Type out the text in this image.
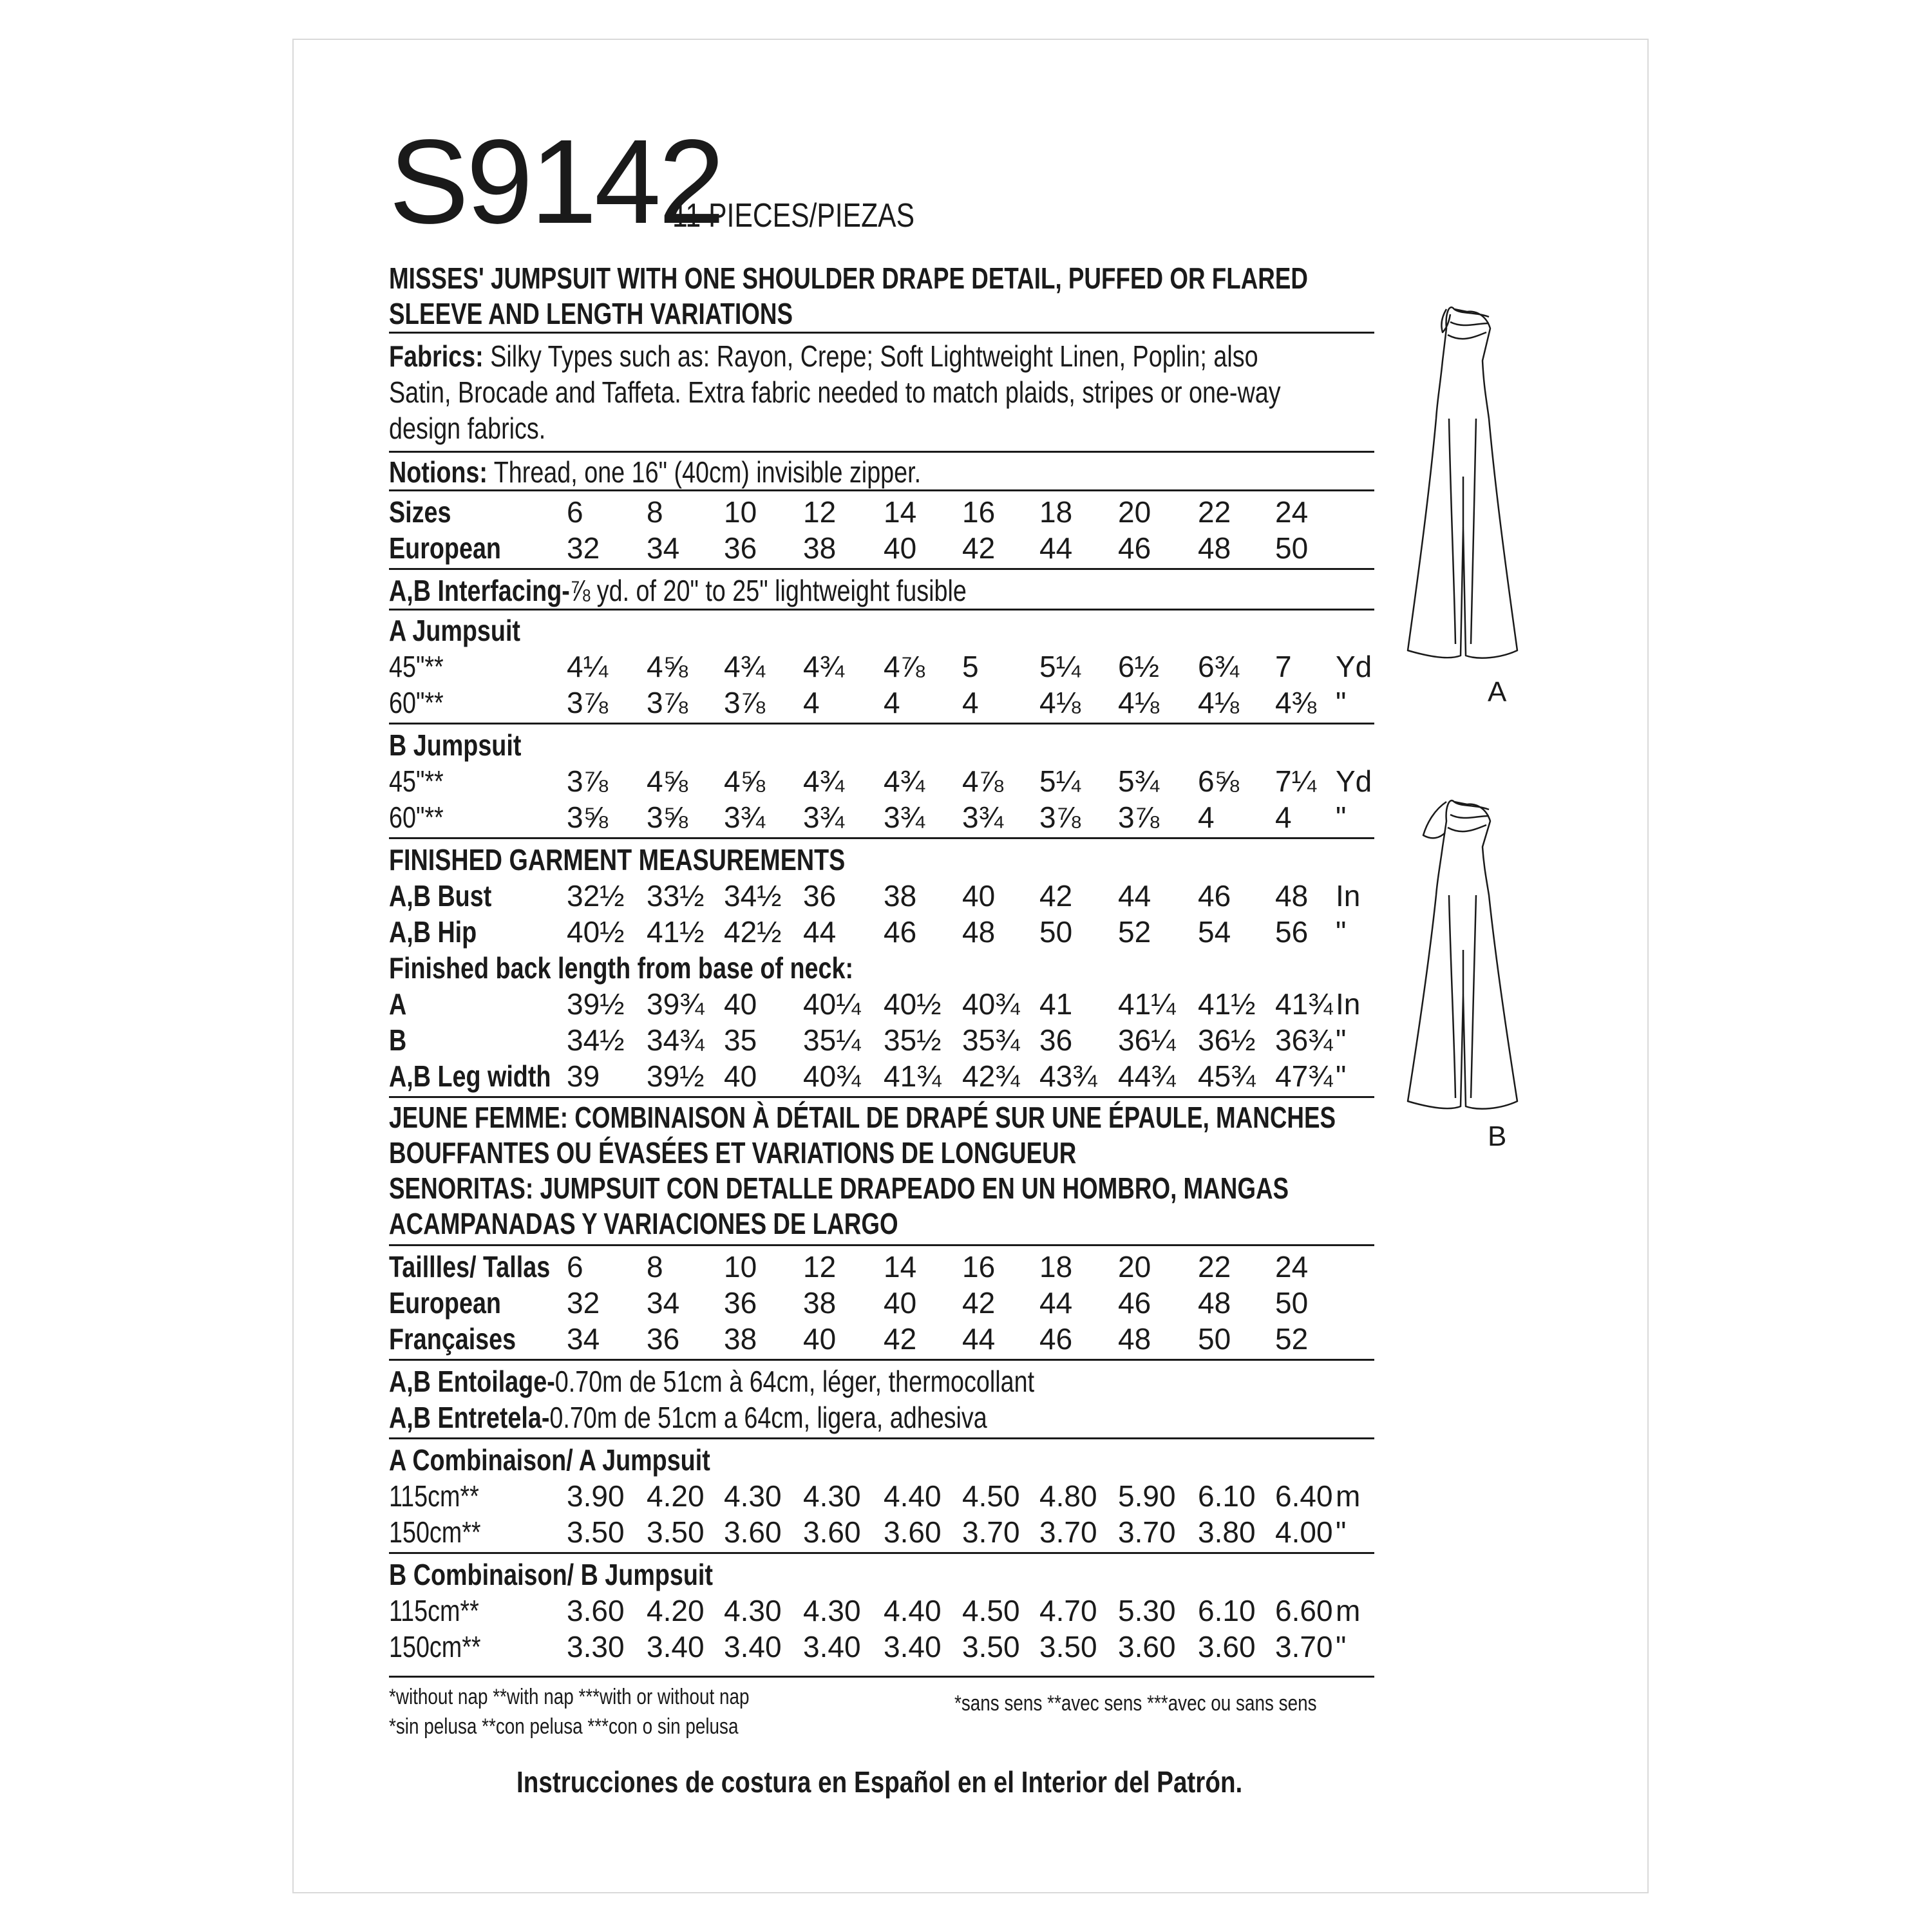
S9142
11 PIECES/PIEZAS
MISSES' JUMPSUIT WITH ONE SHOULDER DRAPE DETAIL, PUFFED OR FLARED
SLEEVE AND LENGTH VARIATIONS
Fabrics: Silky Types such as: Rayon, Crepe; Soft Lightweight Linen, Poplin; also
Satin, Brocade and Taffeta. Extra fabric needed to match plaids, stripes or one-way
design fabrics.
Notions: Thread, one 16" (40cm) invisible zipper.
Sizes	6 8 10 12 14 16 18 20 22 24
European 32 34 36 38 40 42 44 46 48 50
A,B Interfacing-⅞ yd. of 20" to 25" lightweight fusible
A Jumpsuit
45"**	4¼ 4⅝ 4¾ 4¾ 4⅞ 5 5¼ 6½ 6¾ 7 Yd
60"**	3⅞ 3⅞ 3⅞ 4 4 4 4⅛ 4⅛ 4⅛ 4⅜ "
B Jumpsuit
45"**	3⅞ 4⅝ 4⅝ 4¾ 4¾ 4⅞ 5¼ 5¾ 6⅝ 7¼ Yd
60"**	3⅝ 3⅝ 3¾ 3¾ 3¾ 3¾ 3⅞ 3⅞ 4 4 "
FINISHED GARMENT MEASUREMENTS
A,B Bust	32½ 33½ 34½ 36 38 40 42 44 46 48 In
A,B Hip	40½ 41½ 42½ 44 46 48 50 52 54 56 "
Finished back length from base of neck:
A	39½ 39¾ 40 40¼ 40½ 40¾ 41 41¼ 41½ 41¾ In
B	34½ 34¾ 35 35¼ 35½ 35¾ 36 36¼ 36½ 36¾ "
A,B Leg width 39 39½ 40 40¾ 41¾ 42¾ 43¾ 44¾ 45¾ 47¾ "
JEUNE FEMME: COMBINAISON À DÉTAIL DE DRAPÉ SUR UNE ÉPAULE, MANCHES
BOUFFANTES OU ÉVASÉES ET VARIATIONS DE LONGUEUR
SENORITAS: JUMPSUIT CON DETALLE DRAPEADO EN UN HOMBRO, MANGAS
ACAMPANADAS Y VARIACIONES DE LARGO
Taillles/ Tallas 6 8 10 12 14 16 18 20 22 24
European 32 34 36 38 40 42 44 46 48 50
Françaises 34 36 38 40 42 44 46 48 50 52
A,B Entoilage-0.70m de 51cm à 64cm, léger, thermocollant
A,B Entretela-0.70m de 51cm a 64cm, ligera, adhesiva
A Combinaison/ A Jumpsuit
115cm**	3.90 4.20 4.30 4.30 4.40 4.50 4.80 5.90 6.10 6.40 m
150cm**	3.50 3.50 3.60 3.60 3.60 3.70 3.70 3.70 3.80 4.00 "
B Combinaison/ B Jumpsuit
115cm**	3.60 4.20 4.30 4.30 4.40 4.50 4.70 5.30 6.10 6.60 m
150cm**	3.30 3.40 3.40 3.40 3.40 3.50 3.50 3.60 3.60 3.70 "
*without nap **with nap ***with or without nap
*sin pelusa **con pelusa ***con o sin pelusa
*sans sens **avec sens ***avec ou sans sens
Instrucciones de costura en Español en el Interior del Patrón.
A
B
